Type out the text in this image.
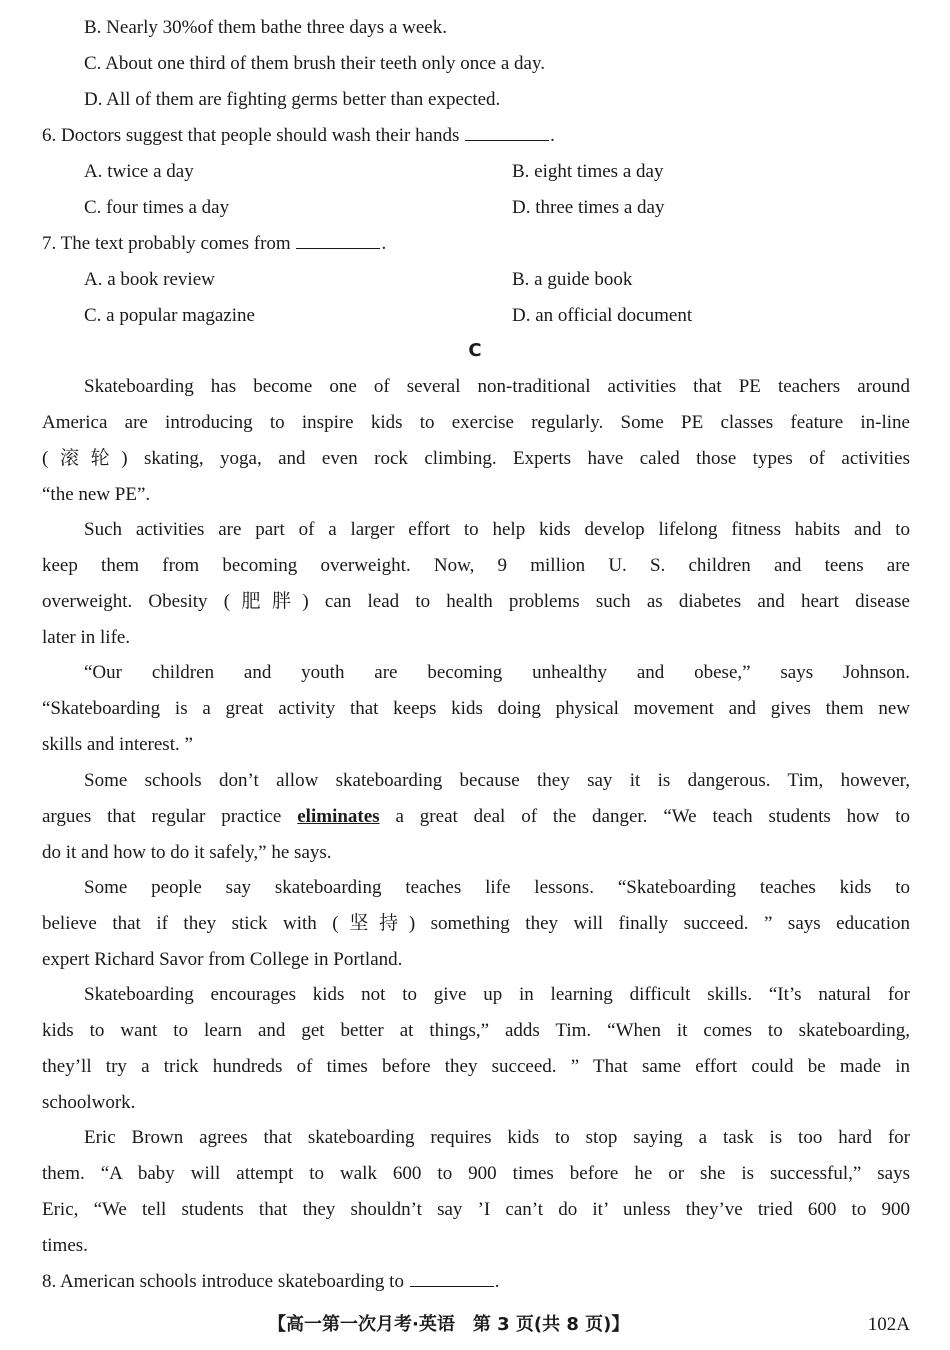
B. Nearly 30%of them bathe three days a week.
C. About one third of them brush their teeth only once a day.
D. All of them are fighting germs better than expected.
6. Doctors suggest that people should wash their hands	.
A. twice a day	B. eight times a day
C. four times a day	D. three times a day
7. The text probably comes from	.
A. a book review	B. a guide book
C. a popular magazine	D. an official document
C
Skateboarding has become one of several non-traditional activities that PE teachers around
America are introducing to inspire kids to exercise regularly. Some PE classes feature in-line
(滚轮) skating, yoga, and even rock climbing. Experts have caled those types of activities
“the new PE”.
Such activities are part of a larger effort to help kids develop lifelong fitness habits and to
keep them from becoming overweight. Now, 9 million U. S. children and teens are
overweight. Obesity (肥胖) can lead to health problems such as diabetes and heart disease
later in life.
“Our children and youth are becoming unhealthy and obese,” says Johnson.
“Skateboarding is a great activity that keeps kids doing physical movement and gives them new
skills and interest. ”
Some schools don’t allow skateboarding because they say it is dangerous. Tim, however,
argues that regular practice eliminates a great deal of the danger. “We teach students how to
do it and how to do it safely,” he says.
Some people say skateboarding teaches life lessons. “Skateboarding teaches kids to
believe that if they stick with (坚持) something they will finally succeed. ” says education
expert Richard Savor from College in Portland.
Skateboarding encourages kids not to give up in learning difficult skills. “It’s natural for
kids to want to learn and get better at things,” adds Tim. “When it comes to skateboarding,
they’ll try a trick hundreds of times before they succeed. ” That same effort could be made in
schoolwork.
Eric Brown agrees that skateboarding requires kids to stop saying a task is too hard for
them. “A baby will attempt to walk 600 to 900 times before he or she is successful,” says
Eric, “We tell students that they shouldn’t say ’I can’t do it’ unless they’ve tried 600 to 900
times.
8. American schools introduce skateboarding to	.
【高一第一次月考·英语　第 3 页(共 8 页)】	102A
